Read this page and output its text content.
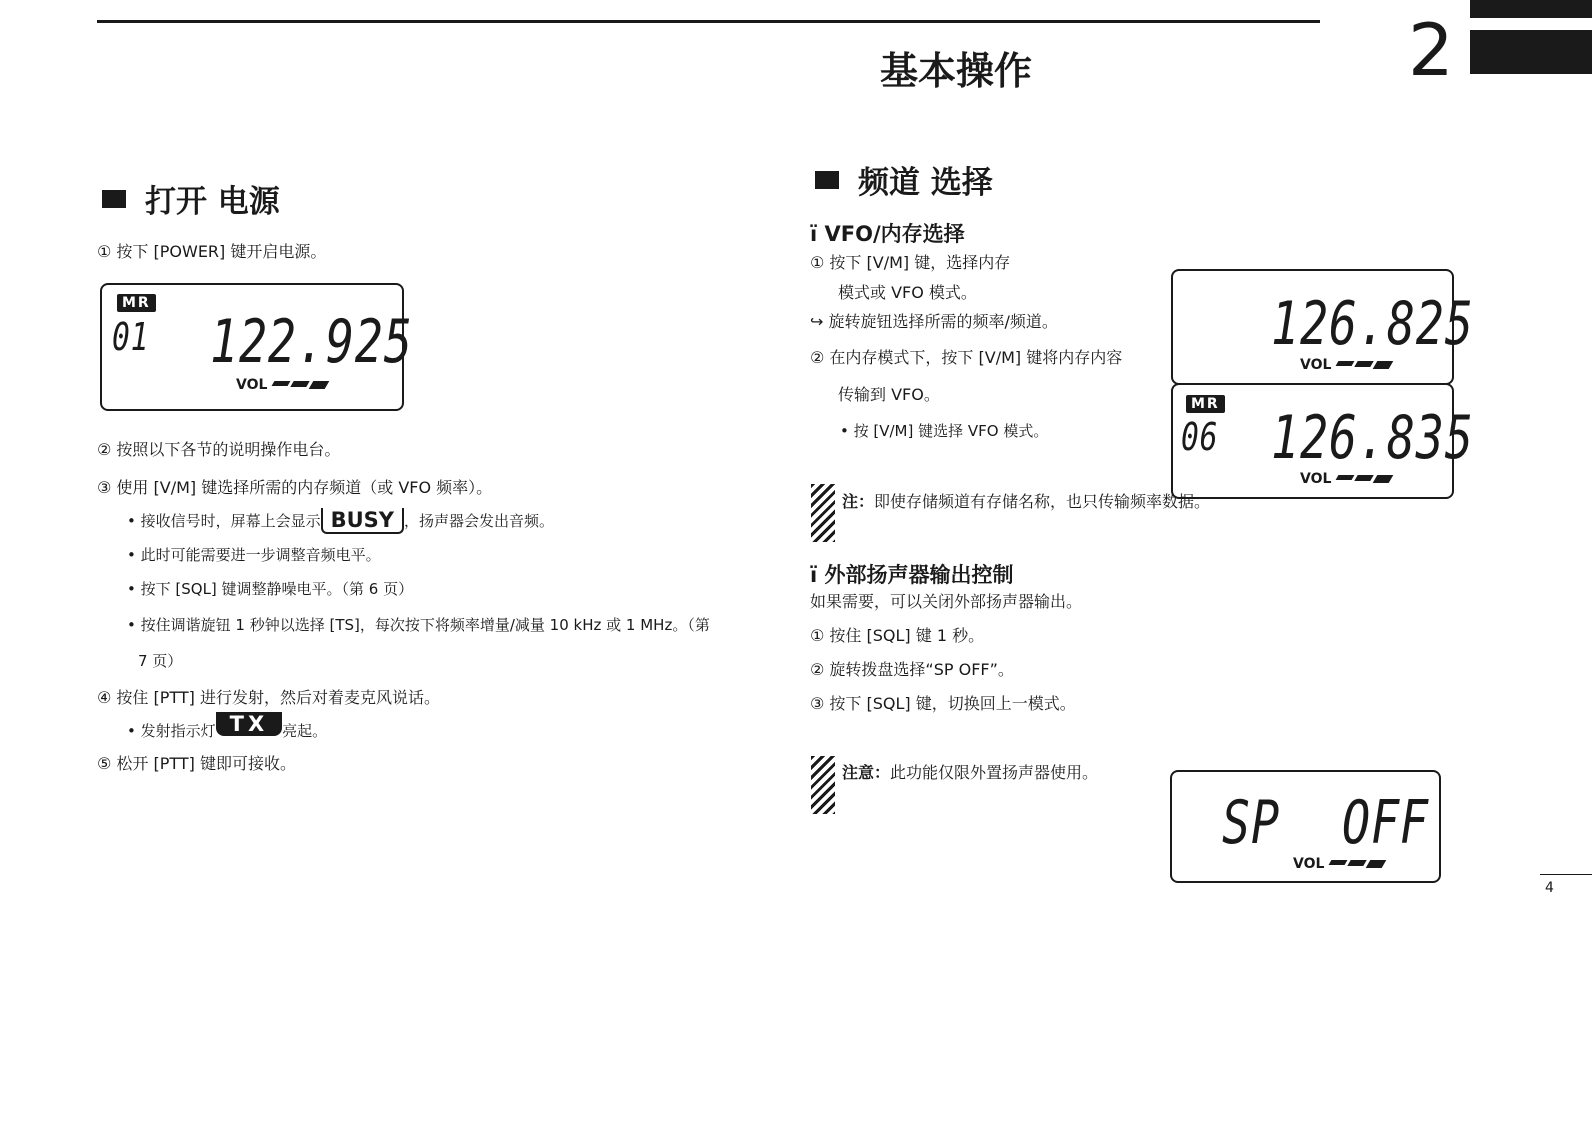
基本操作	2
打开 电源
① 按下 [POWER] 键开启电源。
MR
01 122.925
VOL
② 按照以下各节的说明操作电台。
③ 使用 [V/M] 键选择所需的内存频道（或 VFO 频率）。
• 接收信号时，屏幕上会显示 BUSY ，扬声器会发出音频。
• 此时可能需要进一步调整音频电平。
• 按下 [SQL] 键调整静噪电平。（第 6 页）
• 按住调谐旋钮 1 秒钟以选择 [TS]，每次按下将频率增量/减量 10 kHz 或 1 MHz。（第
7 页）
④ 按住 [PTT] 进行发射，然后对着麦克风说话。
• 发射指示灯 TX 亮起。
⑤ 松开 [PTT] 键即可接收。
频道 选择
ï VFO/内存选择
① 按下 [V/M] 键，选择内存
模式或 VFO 模式。
↪ 旋转旋钮选择所需的频率/频道。
② 在内存模式下，按下 [V/M] 键将内存内容
传输到 VFO。
• 按 [V/M] 键选择 VFO 模式。
126.825
VOL
MR
06 126.835
VOL
注：即使存储频道有存储名称，也只传输频率数据。
ï 外部扬声器输出控制
如果需要，可以关闭外部扬声器输出。
① 按住 [SQL] 键 1 秒。
② 旋转拨盘选择“SP OFF”。
③ 按下 [SQL] 键，切换回上一模式。
注意：此功能仅限外置扬声器使用。
SP OFF
VOL
4
